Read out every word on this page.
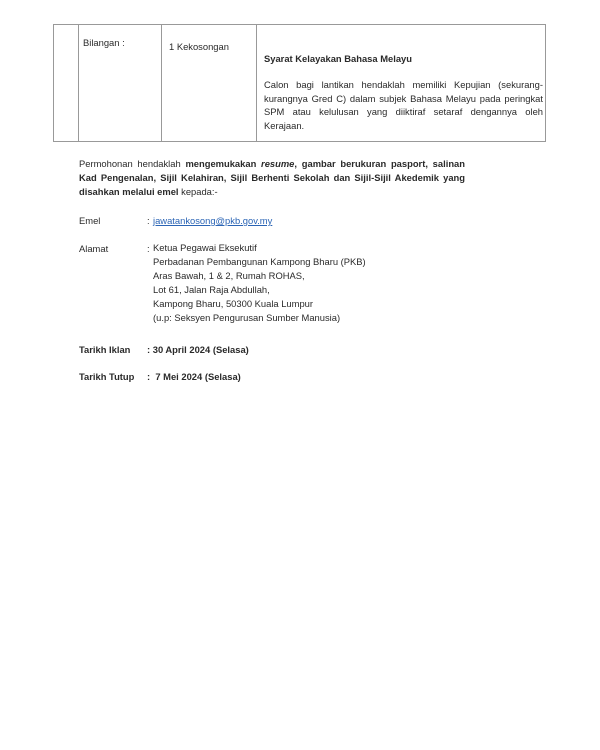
Bilangan :	1 Kekosongan
Syarat Kelayakan Bahasa Melayu
Calon bagi lantikan hendaklah memiliki Kepujian (sekurang-kurangnya Gred C) dalam subjek Bahasa Melayu pada peringkat SPM atau kelulusan yang diiktiraf setaraf dengannya oleh Kerajaan.
Permohonan hendaklah mengemukakan resume, gambar berukuran pasport, salinan Kad Pengenalan, Sijil Kelahiran, Sijil Berhenti Sekolah dan Sijil-Sijil Akedemik yang disahkan melalui emel kepada:-
Emel	: jawatankosong@pkb.gov.my
Alamat	: Ketua Pegawai Eksekutif
Perbadanan Pembangunan Kampong Bharu (PKB)
Aras Bawah, 1 & 2, Rumah ROHAS,
Lot 61, Jalan Raja Abdullah,
Kampong Bharu, 50300 Kuala Lumpur
(u.p: Seksyen Pengurusan Sumber Manusia)
Tarikh Iklan : 30 April 2024 (Selasa)
Tarikh Tutup :  7 Mei 2024 (Selasa)
